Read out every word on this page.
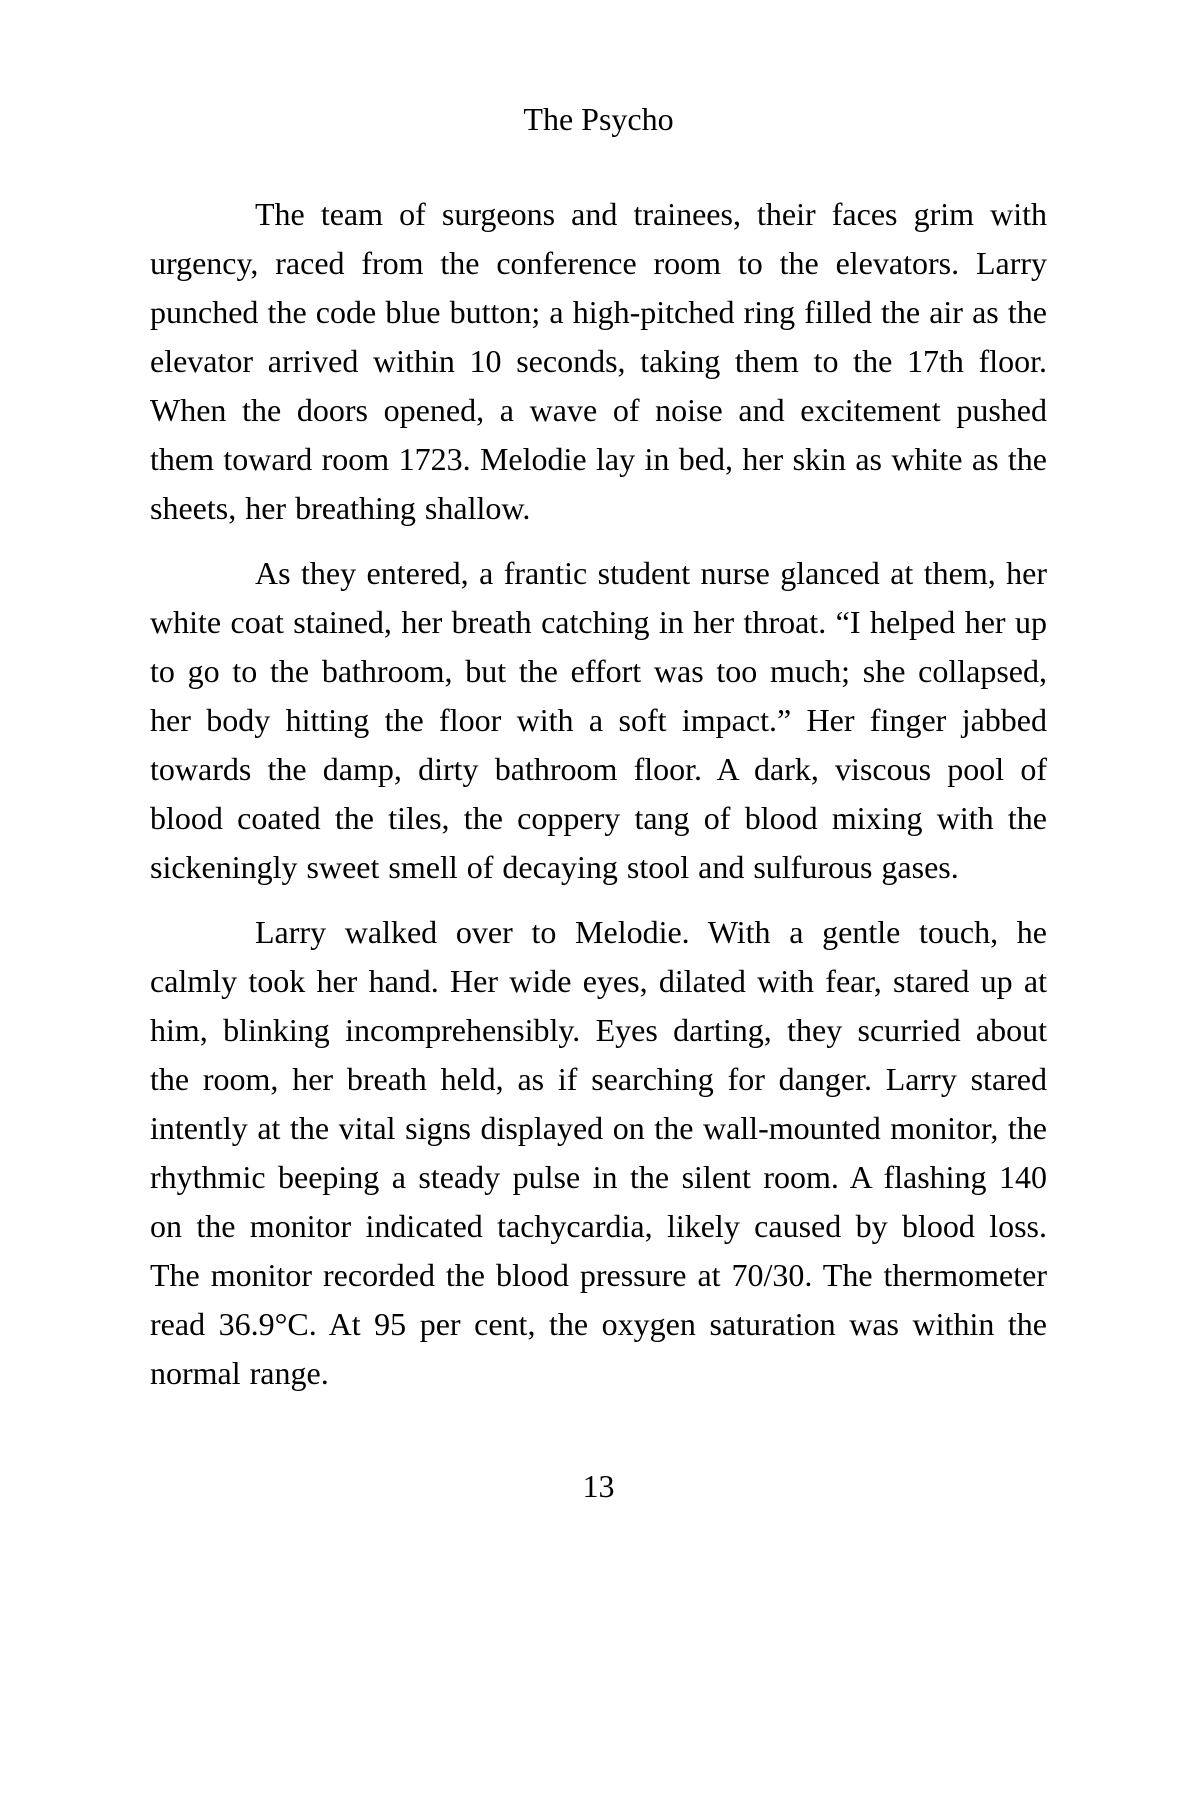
The Psycho

The team of surgeons and trainees, their faces grim with urgency, raced from the conference room to the elevators. Larry punched the code blue button; a high-pitched ring filled the air as the elevator arrived within 10 seconds, taking them to the 17th floor. When the doors opened, a wave of noise and excitement pushed them toward room 1723. Melodie lay in bed, her skin as white as the sheets, her breathing shallow.

As they entered, a frantic student nurse glanced at them, her white coat stained, her breath catching in her throat. “I helped her up to go to the bathroom, but the effort was too much; she collapsed, her body hitting the floor with a soft impact.” Her finger jabbed towards the damp, dirty bathroom floor. A dark, viscous pool of blood coated the tiles, the coppery tang of blood mixing with the sickeningly sweet smell of decaying stool and sulfurous gases.

Larry walked over to Melodie. With a gentle touch, he calmly took her hand. Her wide eyes, dilated with fear, stared up at him, blinking incomprehensibly. Eyes darting, they scurried about the room, her breath held, as if searching for danger. Larry stared intently at the vital signs displayed on the wall-mounted monitor, the rhythmic beeping a steady pulse in the silent room. A flashing 140 on the monitor indicated tachycardia, likely caused by blood loss. The monitor recorded the blood pressure at 70/30. The thermometer read 36.9°C. At 95 per cent, the oxygen saturation was within the normal range.

13
